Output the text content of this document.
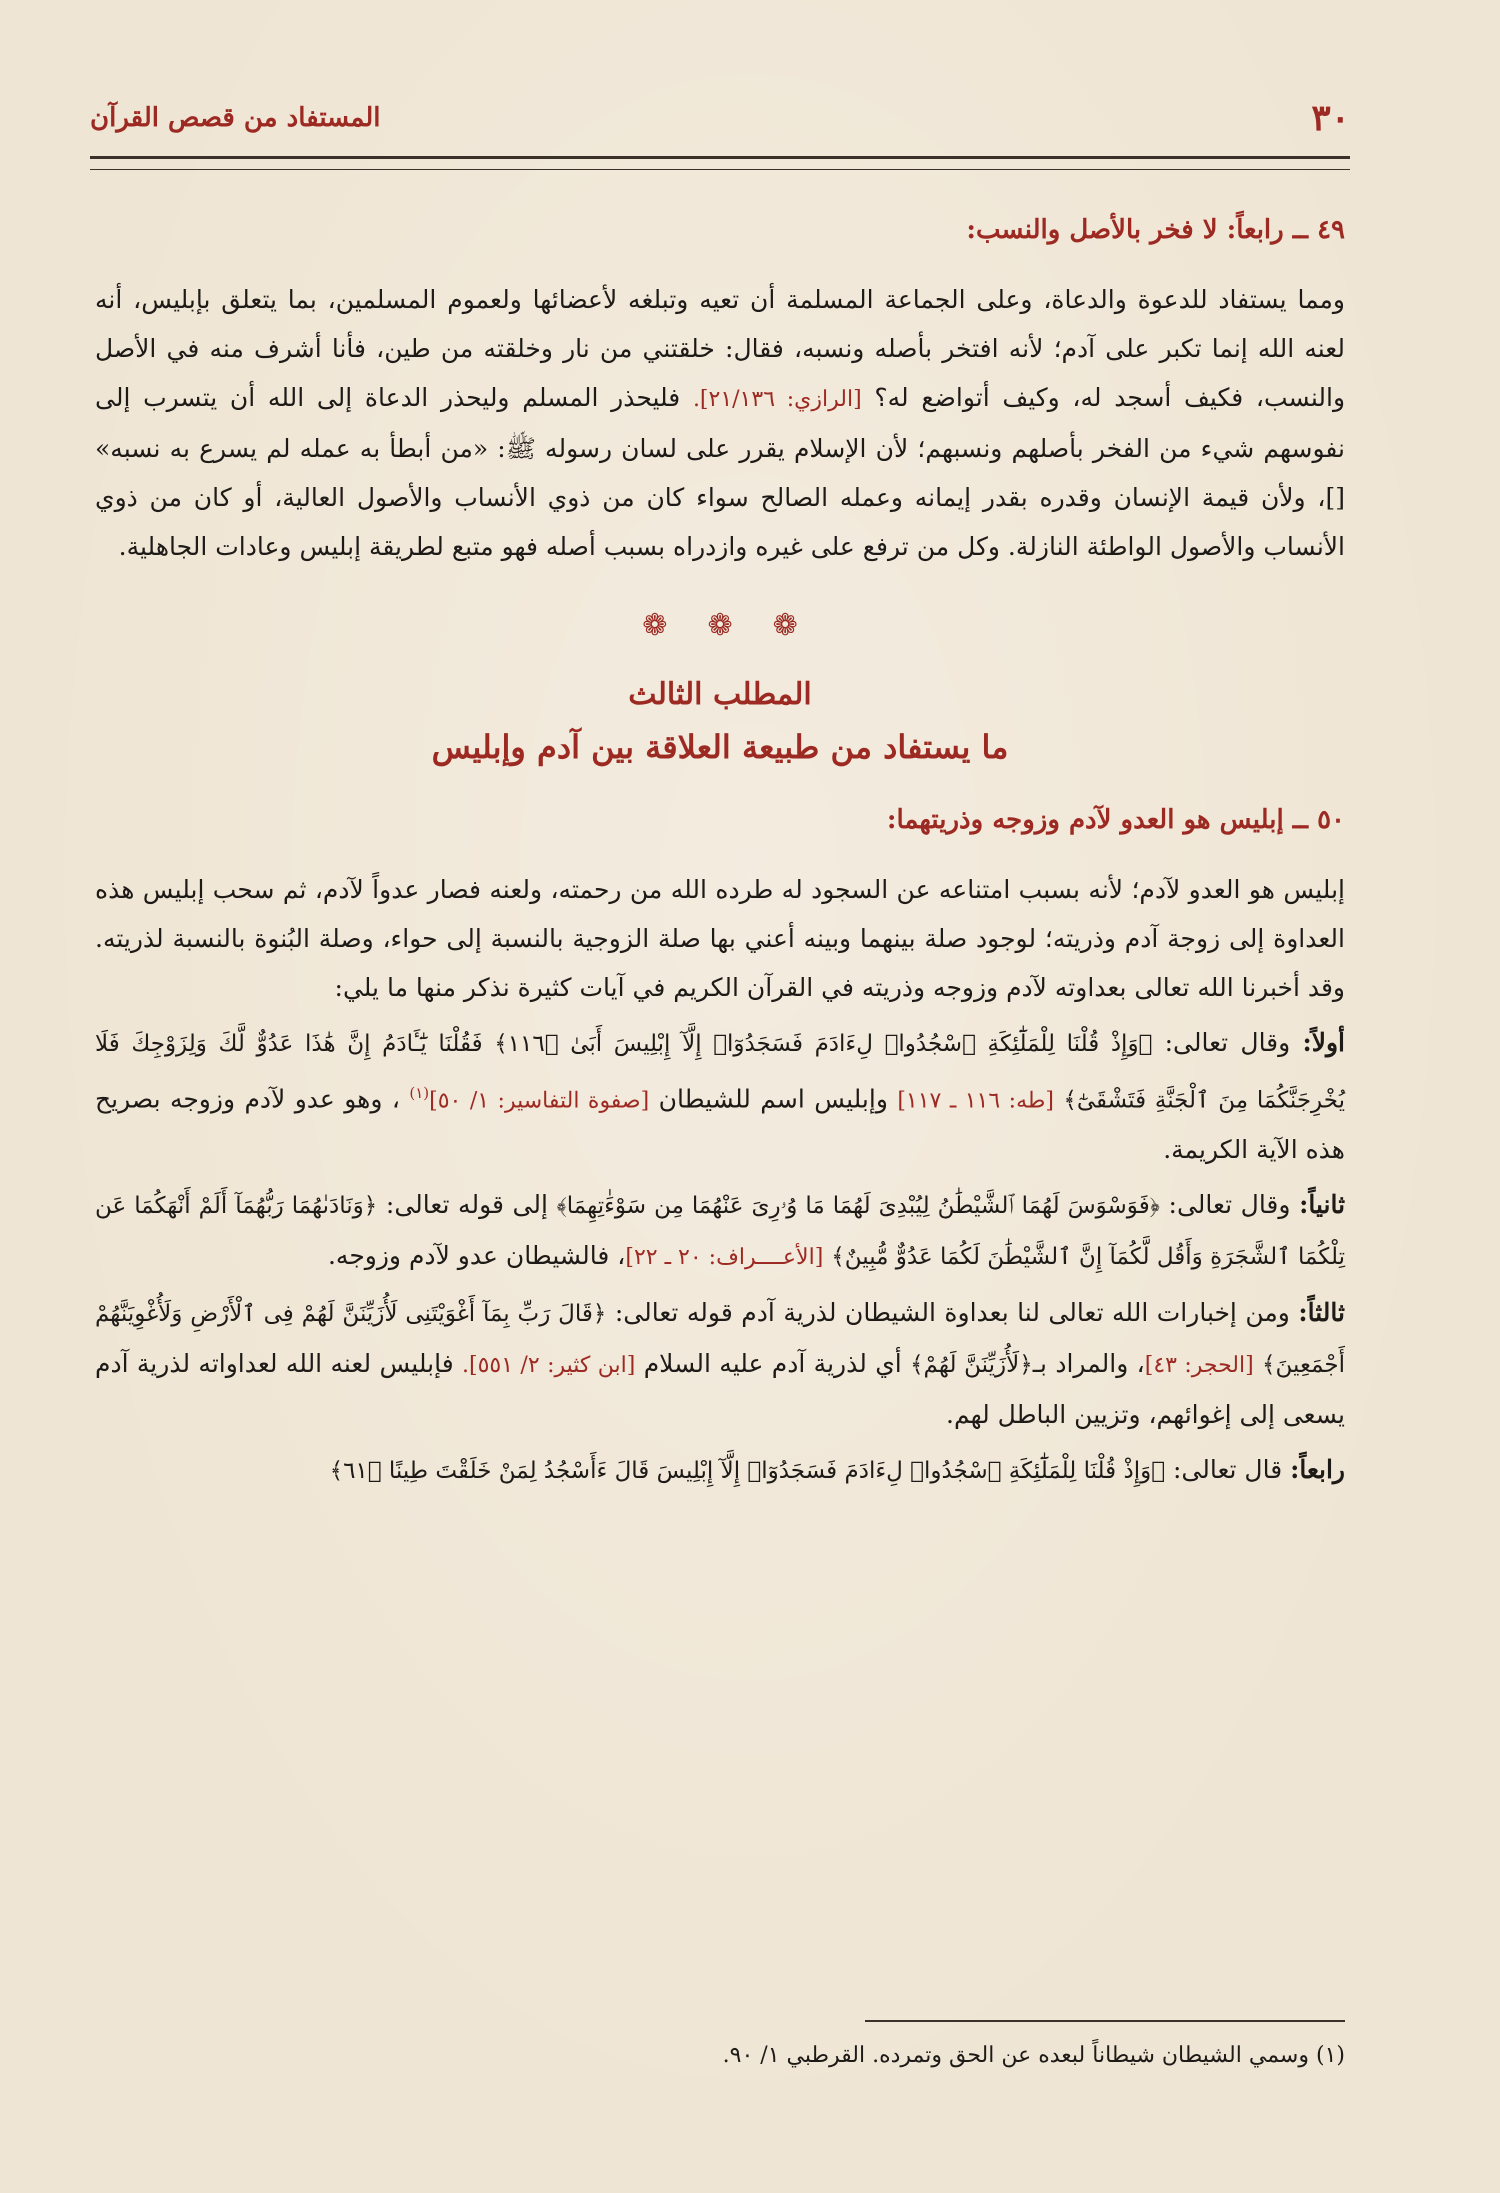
٣٠
المستفاد من قصص القرآن

٤٩ ــ رابعاً: لا فخر بالأصل والنسب:

ومما يستفاد للدعوة والدعاة، وعلى الجماعة المسلمة أن تعيه وتبلغه لأعضائها ولعموم المسلمين، بما يتعلق بإبليس، أنه لعنه الله إنما تكبر على آدم؛ لأنه افتخر بأصله ونسبه، فقال: خلقتني من نار وخلقته من طين، فأنا أشرف منه في الأصل والنسب، فكيف أسجد له، وكيف أتواضع له؟ [الرازي: ٢١/١٣٦]. فليحذر المسلم وليحذر الدعاة إلى الله أن يتسرب إلى نفوسهم شيء من الفخر بأصلهم ونسبهم؛ لأن الإسلام يقرر على لسان رسوله ﷺ: «من أبطأ به عمله لم يسرع به نسبه» []، ولأن قيمة الإنسان وقدره بقدر إيمانه وعمله الصالح سواء كان من ذوي الأنساب والأصول العالية، أو كان من ذوي الأنساب والأصول الواطئة النازلة. وكل من ترفع على غيره وازدراه بسبب أصله فهو متبع لطريقة إبليس وعادات الجاهلية.

❁
❁
❁

المطلب الثالث

ما يستفاد من طبيعة العلاقة بين آدم وإبليس

٥٠ ــ إبليس هو العدو لآدم وزوجه وذريتهما:

إبليس هو العدو لآدم؛ لأنه بسبب امتناعه عن السجود له طرده الله من رحمته، ولعنه فصار عدواً لآدم، ثم سحب إبليس هذه العداوة إلى زوجة آدم وذريته؛ لوجود صلة بينهما وبينه أعني بها صلة الزوجية بالنسبة إلى حواء، وصلة البُنوة بالنسبة لذريته. وقد أخبرنا الله تعالى بعداوته لآدم وزوجه وذريته في القرآن الكريم في آيات كثيرة نذكر منها ما يلي:

أولاً: وقال تعالى: ﴿وَإِذْ قُلْنَا لِلْمَلَٰٓئِكَةِ ٱسْجُدُوا۟ لِءَادَمَ فَسَجَدُوٓا۟ إِلَّآ إِبْلِيسَ أَبَىٰ ﴿١١٦﴾ فَقُلْنَا يَٰٓـَٔادَمُ إِنَّ هَٰذَا عَدُوٌّ لَّكَ وَلِزَوْجِكَ فَلَا يُخْرِجَنَّكُمَا مِنَ ٱلْجَنَّةِ فَتَشْقَىٰٓ﴾ [طه: ١١٦ ـ ١١٧] وإبليس اسم للشيطان [صفوة التفاسير: ١/ ٥٠]$^{(١)}$ ، وهو عدو لآدم وزوجه بصريح هذه الآية الكريمة.

ثانياً: وقال تعالى: ﴿فَوَسْوَسَ لَهُمَا ٱلشَّيْطَٰنُ لِيُبْدِىَ لَهُمَا مَا وُۥرِىَ عَنْهُمَا مِن سَوْءَٰتِهِمَا﴾ إلى قوله تعالى: ﴿وَنَادَىٰهُمَا رَبُّهُمَآ أَلَمْ أَنْهَكُمَا عَن تِلْكُمَا ٱلشَّجَرَةِ وَأَقُل لَّكُمَآ إِنَّ ٱلشَّيْطَٰنَ لَكُمَا عَدُوٌّ مُّبِينٌ﴾ [الأعــــراف: ٢٠ ـ ٢٢]، فالشيطان عدو لآدم وزوجه.

ثالثاً: ومن إخبارات الله تعالى لنا بعداوة الشيطان لذرية آدم قوله تعالى: ﴿قَالَ رَبِّ بِمَآ أَغْوَيْتَنِى لَأُزَيِّنَنَّ لَهُمْ فِى ٱلْأَرْضِ وَلَأُغْوِيَنَّهُمْ أَجْمَعِينَ﴾ [الحجر: ٤٣]، والمراد بـ﴿لَأُزَيِّنَنَّ لَهُمْ﴾ أي لذرية آدم عليه السلام [ابن كثير: ٢/ ٥٥١]. فإبليس لعنه الله لعداواته لذرية آدم يسعى إلى إغوائهم، وتزيين الباطل لهم.

رابعاً: قال تعالى: ﴿وَإِذْ قُلْنَا لِلْمَلَٰٓئِكَةِ ٱسْجُدُوا۟ لِءَادَمَ فَسَجَدُوٓا۟ إِلَّآ إِبْلِيسَ قَالَ ءَأَسْجُدُ لِمَنْ خَلَقْتَ طِينًا ﴿٦١﴾

(١) وسمي الشيطان شيطاناً لبعده عن الحق وتمرده. القرطبي ١/ ٩٠.
